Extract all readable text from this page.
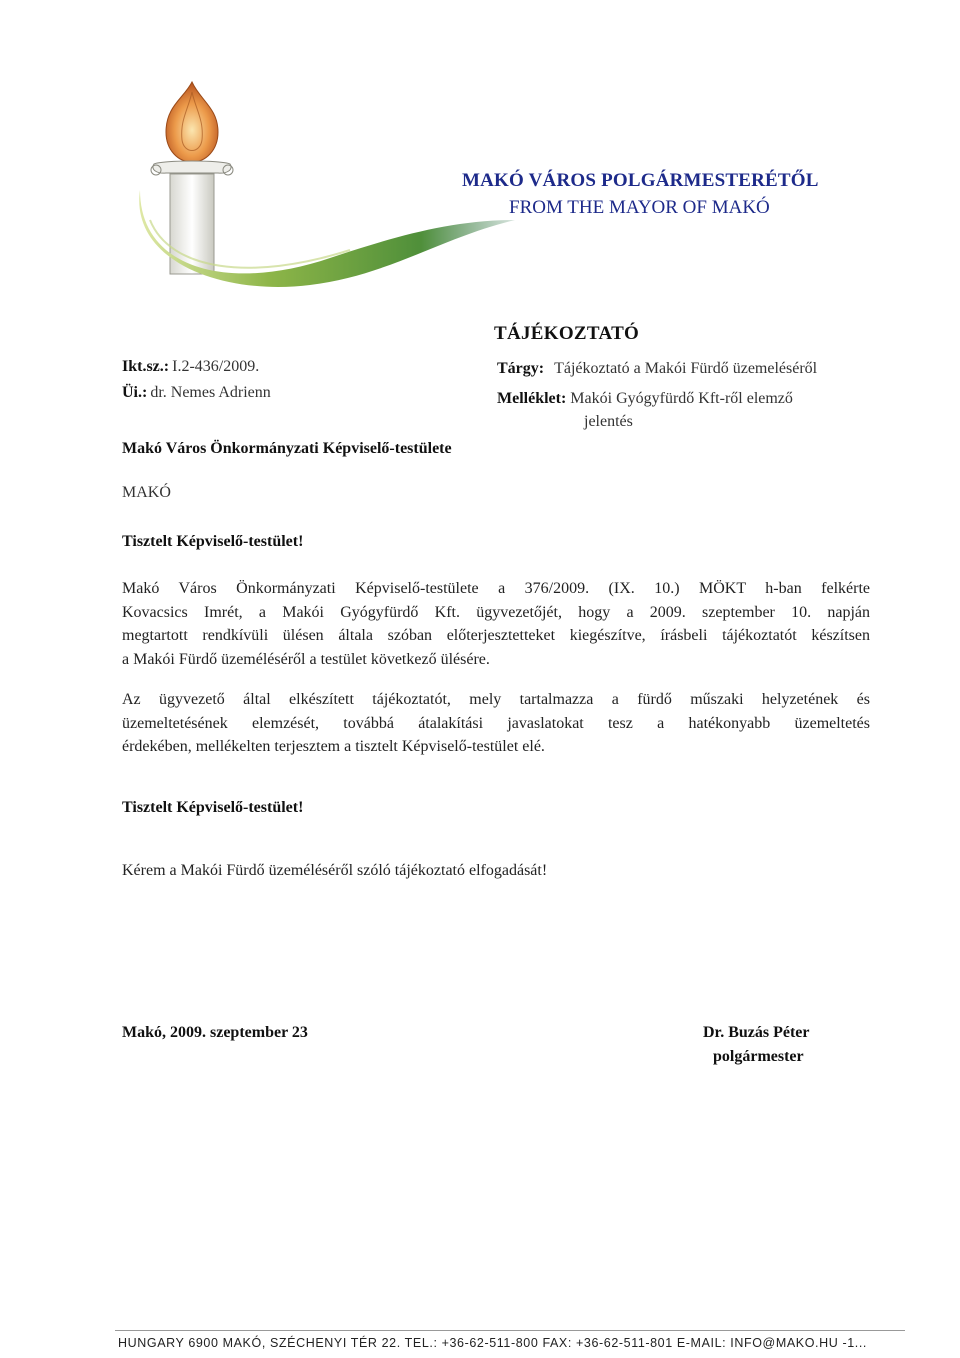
MAKÓ VÁROS POLGÁRMESTERÉTŐL
FROM THE MAYOR OF MAKÓ
TÁJÉKOZTATÓ
Ikt.sz.: I.2-436/2009.
Üi.: dr. Nemes Adrienn
Tárgy: Tájékoztató a Makói Fürdő üzemeléséről
Melléklet: Makói Gyógyfürdő Kft-ről elemző
jelentés
Makó Város Önkormányzati Képviselő-testülete
MAKÓ
Tisztelt Képviselő-testület!
Makó Város Önkormányzati Képviselő-testülete a 376/2009. (IX. 10.) MÖKT h-ban felkérte
Kovacsics Imrét, a Makói Gyógyfürdő Kft. ügyvezetőjét, hogy a 2009. szeptember 10. napján
megtartott rendkívüli ülésen általa szóban előterjesztetteket kiegészítve, írásbeli tájékoztatót készítsen
a Makói Fürdő üzeméléséről a testület következő ülésére.
Az ügyvezető által elkészített tájékoztatót, mely tartalmazza a fürdő műszaki helyzetének és
üzemeltetésének elemzését, továbbá átalakítási javaslatokat tesz a hatékonyabb üzemeltetés
érdekében, mellékelten terjesztem a tisztelt Képviselő-testület elé.
Tisztelt Képviselő-testület!
Kérem a Makói Fürdő üzeméléséről szóló tájékoztató elfogadását!
Makó, 2009. szeptember 23	Dr. Buzás Péter
polgármester
HUNGARY 6900 MAKÓ, SZÉCHENYI TÉR 22. TEL.: +36-62-511-800 FAX: +36-62-511-801 E-MAIL: INFO@MAKO.HU -1...
